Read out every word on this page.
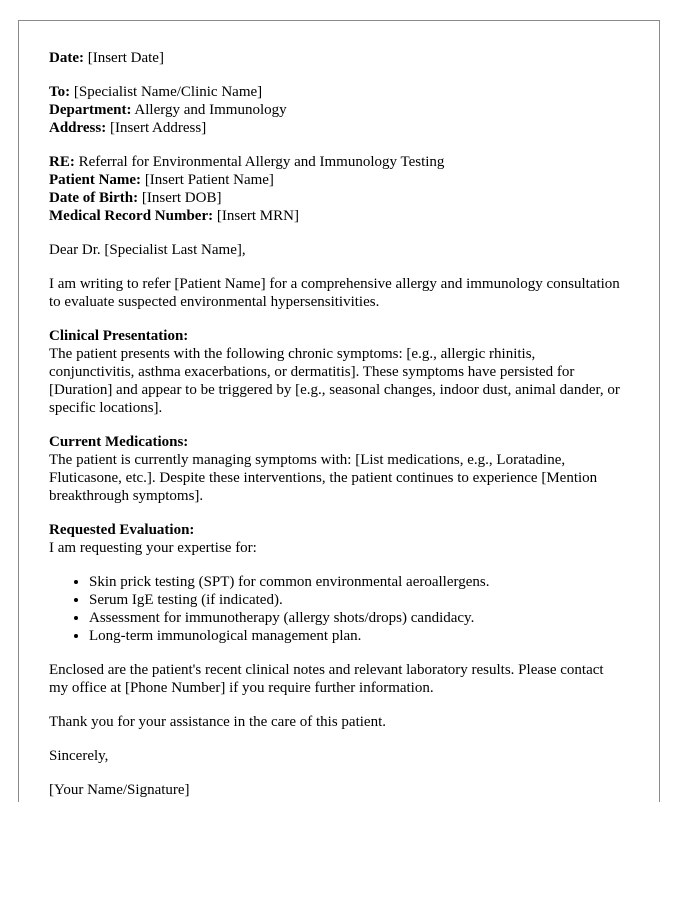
Date: [Insert Date]
To: [Specialist Name/Clinic Name]
Department: Allergy and Immunology
Address: [Insert Address]
RE: Referral for Environmental Allergy and Immunology Testing
Patient Name: [Insert Patient Name]
Date of Birth: [Insert DOB]
Medical Record Number: [Insert MRN]

Dear Dr. [Specialist Last Name],

I am writing to refer [Patient Name] for a comprehensive allergy and immunology consultation to evaluate suspected environmental hypersensitivities.

Clinical Presentation:
The patient presents with the following chronic symptoms: [e.g., allergic rhinitis, conjunctivitis, asthma exacerbations, or dermatitis]. These symptoms have persisted for [Duration] and appear to be triggered by [e.g., seasonal changes, indoor dust, animal dander, or specific locations].
Current Medications:
The patient is currently managing symptoms with: [List medications, e.g., Loratadine, Fluticasone, etc.]. Despite these interventions, the patient continues to experience [Mention breakthrough symptoms].
Requested Evaluation:
I am requesting your expertise for:
• Skin prick testing (SPT) for common environmental aeroallergens.
• Serum IgE testing (if indicated).
• Assessment for immunotherapy (allergy shots/drops) candidacy.
• Long-term immunological management plan.

Enclosed are the patient's recent clinical notes and relevant laboratory results. Please contact my office at [Phone Number] if you require further information.

Thank you for your assistance in the care of this patient.

Sincerely,

[Your Name/Signature]
